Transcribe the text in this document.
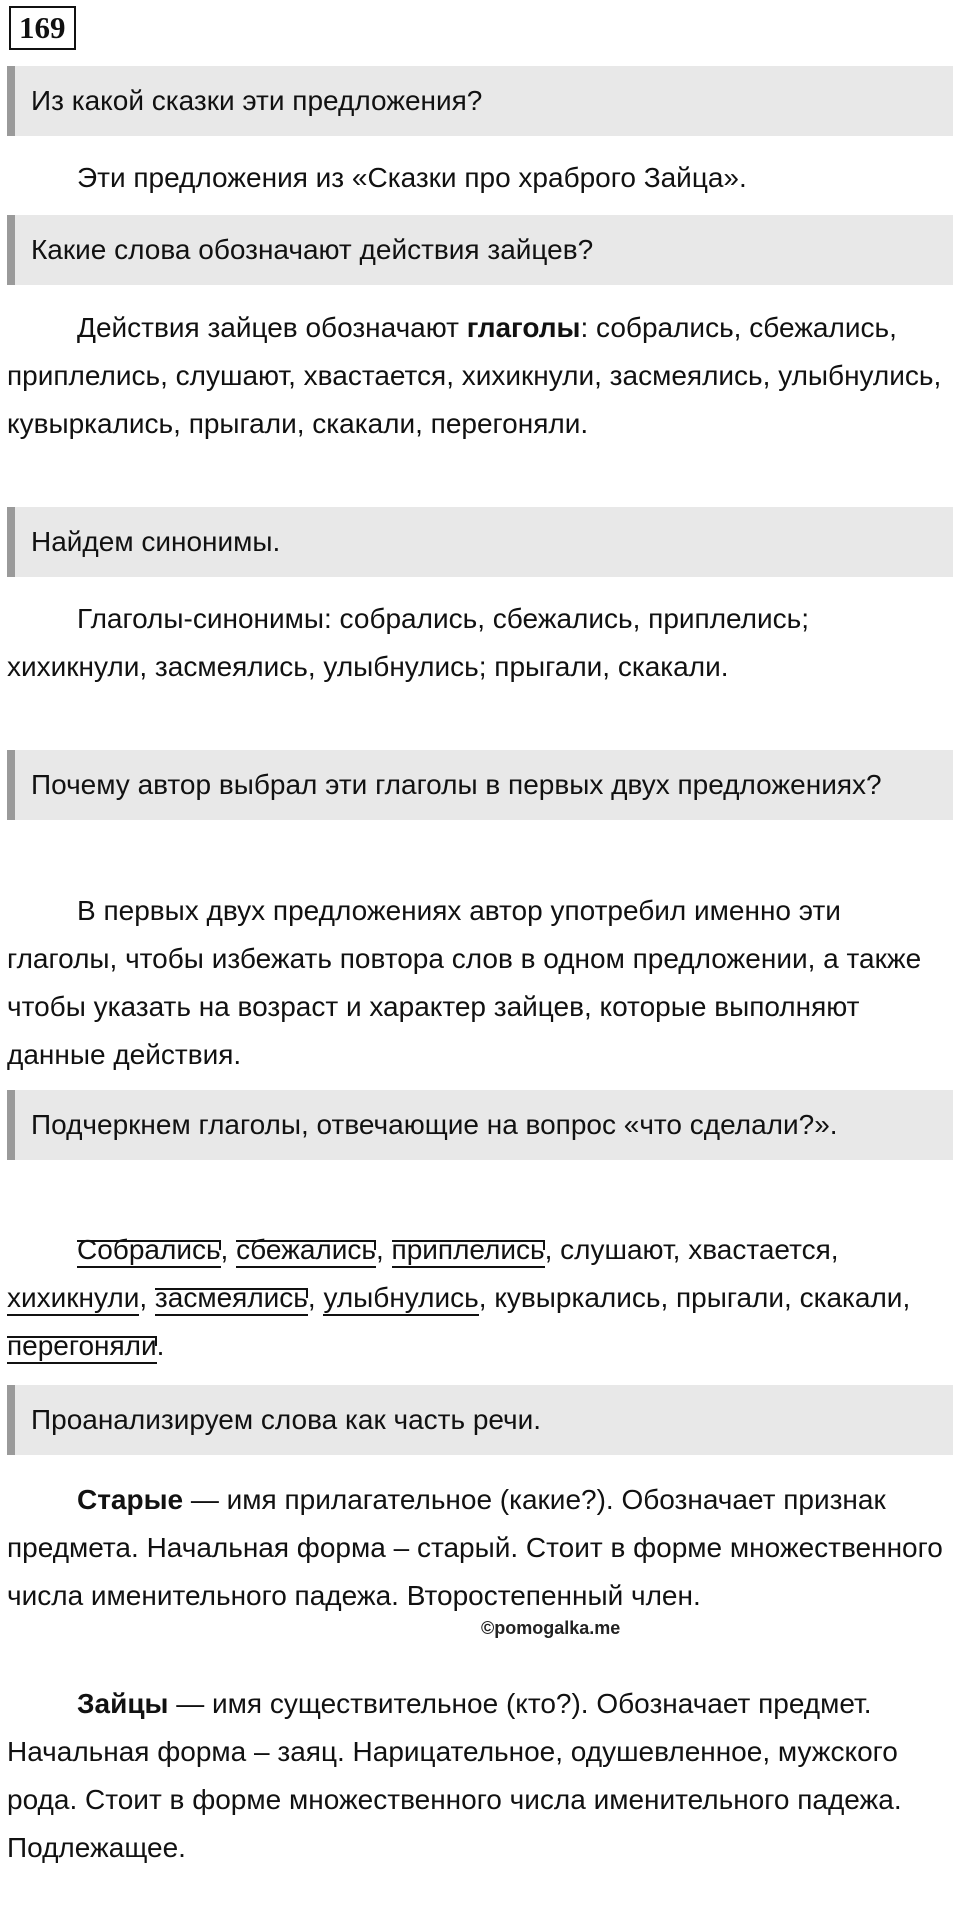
169
Из какой сказки эти предложения?
Эти предложения из «Сказки про храброго Зайца».
Какие слова обозначают действия зайцев?
Действия зайцев обозначают глаголы: собрались, сбежались, приплелись, слушают, хвастается, хихикнули, засмеялись, улыбнулись, кувыркались, прыгали, скакали, перегоняли.
Найдем синонимы.
Глаголы-синонимы: собрались, сбежались, приплелись; хихикнули, засмеялись, улыбнулись; прыгали, скакали.
Почему автор выбрал эти глаголы в первых двух предложениях?
В первых двух предложениях автор употребил именно эти глаголы, чтобы избежать повтора слов в одном предложении, а также чтобы указать на возраст и характер зайцев, которые выполняют данные действия.
Подчеркнем глаголы, отвечающие на вопрос «что сделали?».
Собрались, сбежались, приплелись, слушают, хвастается, хихикнули, засмеялись, улыбнулись, кувыркались, прыгали, скакали, перегоняли.
Проанализируем слова как часть речи.
Старые — имя прилагательное (какие?). Обозначает признак предмета. Начальная форма – старый. Стоит в форме множественного числа именительного падежа. Второстепенный член.
©pomogalka.me
Зайцы — имя существительное (кто?). Обозначает предмет. Начальная форма – заяц. Нарицательное, одушевленное, мужского рода. Стоит в форме множественного числа именительного падежа. Подлежащее.
